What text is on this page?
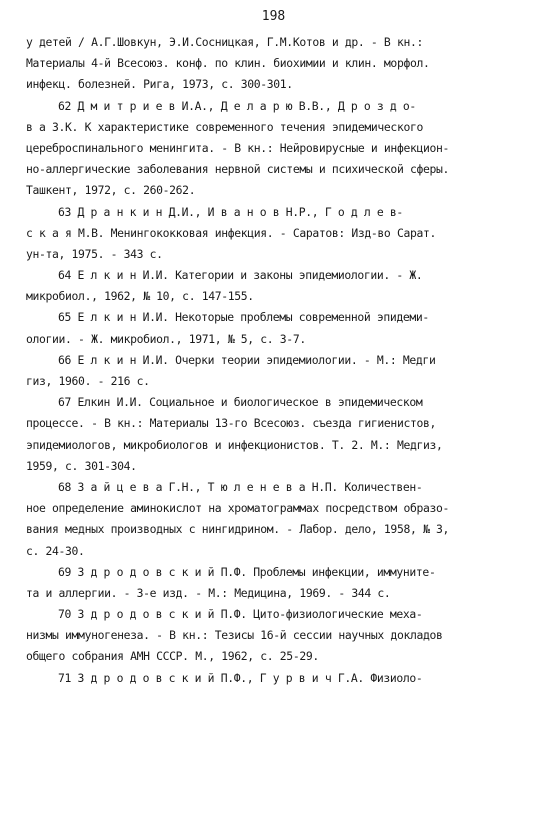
198
у детей / А.Г.Шовкун, Э.И.Сосницкая, Г.М.Котов и др. - В кн.:
Материалы 4-й Всесоюз. конф. по клин. биохимии и клин. морфол.
инфекц. болезней. Рига, 1973, с. 300-301.
62 Д м и т р и е в И.А., Д е л а р ю В.В., Д р о з д о-
в а З.К. К характеристике современного течения эпидемического
цереброспинального менингита. - В кн.: Нейровирусные и инфекцион-
но-аллергические заболевания нервной системы и психической сферы.
Ташкент, 1972, с. 260-262.
63 Д р а н к и н Д.И., И в а н о в Н.Р., Г о д л е в-
с к а я М.В. Менингококковая инфекция. - Саратов: Изд-во Сарат.
ун-та, 1975. - 343 с.
64 Е л к и н И.И. Категории и законы эпидемиологии. - Ж.
микробиол., 1962, № 10, с. 147-155.
65 Е л к и н И.И. Некоторые проблемы современной эпидеми-
ологии. - Ж. микробиол., 1971, № 5, с. 3-7.
66 Е л к и н И.И. Очерки теории эпидемиологии. - М.: Медги
гиз, 1960. - 216 с.
67 Елкин И.И. Социальное и биологическое в эпидемическом
процессе. - В кн.: Материалы 13-го Всесоюз. съезда гигиенистов,
эпидемиологов, микробиологов и инфекционистов. Т. 2. М.: Медгиз,
1959, с. 301-304.
68 З а й ц е в а Г.Н., Т ю л е н е в а Н.П. Количествен-
ное определение аминокислот на хроматограммах посредством образо-
вания медных производных с нингидрином. - Лабор. дело, 1958, № 3,
с. 24-30.
69 З д р о д о в с к и й П.Ф. Проблемы инфекции, иммуните-
та и аллергии. - 3-е изд. - М.: Медицина, 1969. - 344 с.
70 З д р о д о в с к и й П.Ф. Цито-физиологические меха-
низмы иммуногенеза. - В кн.: Тезисы 16-й сессии научных докладов
общего собрания АМН СССР. М., 1962, с. 25-29.
71 З д р о д о в с к и й П.Ф., Г у р в и ч Г.А. Физиоло-
